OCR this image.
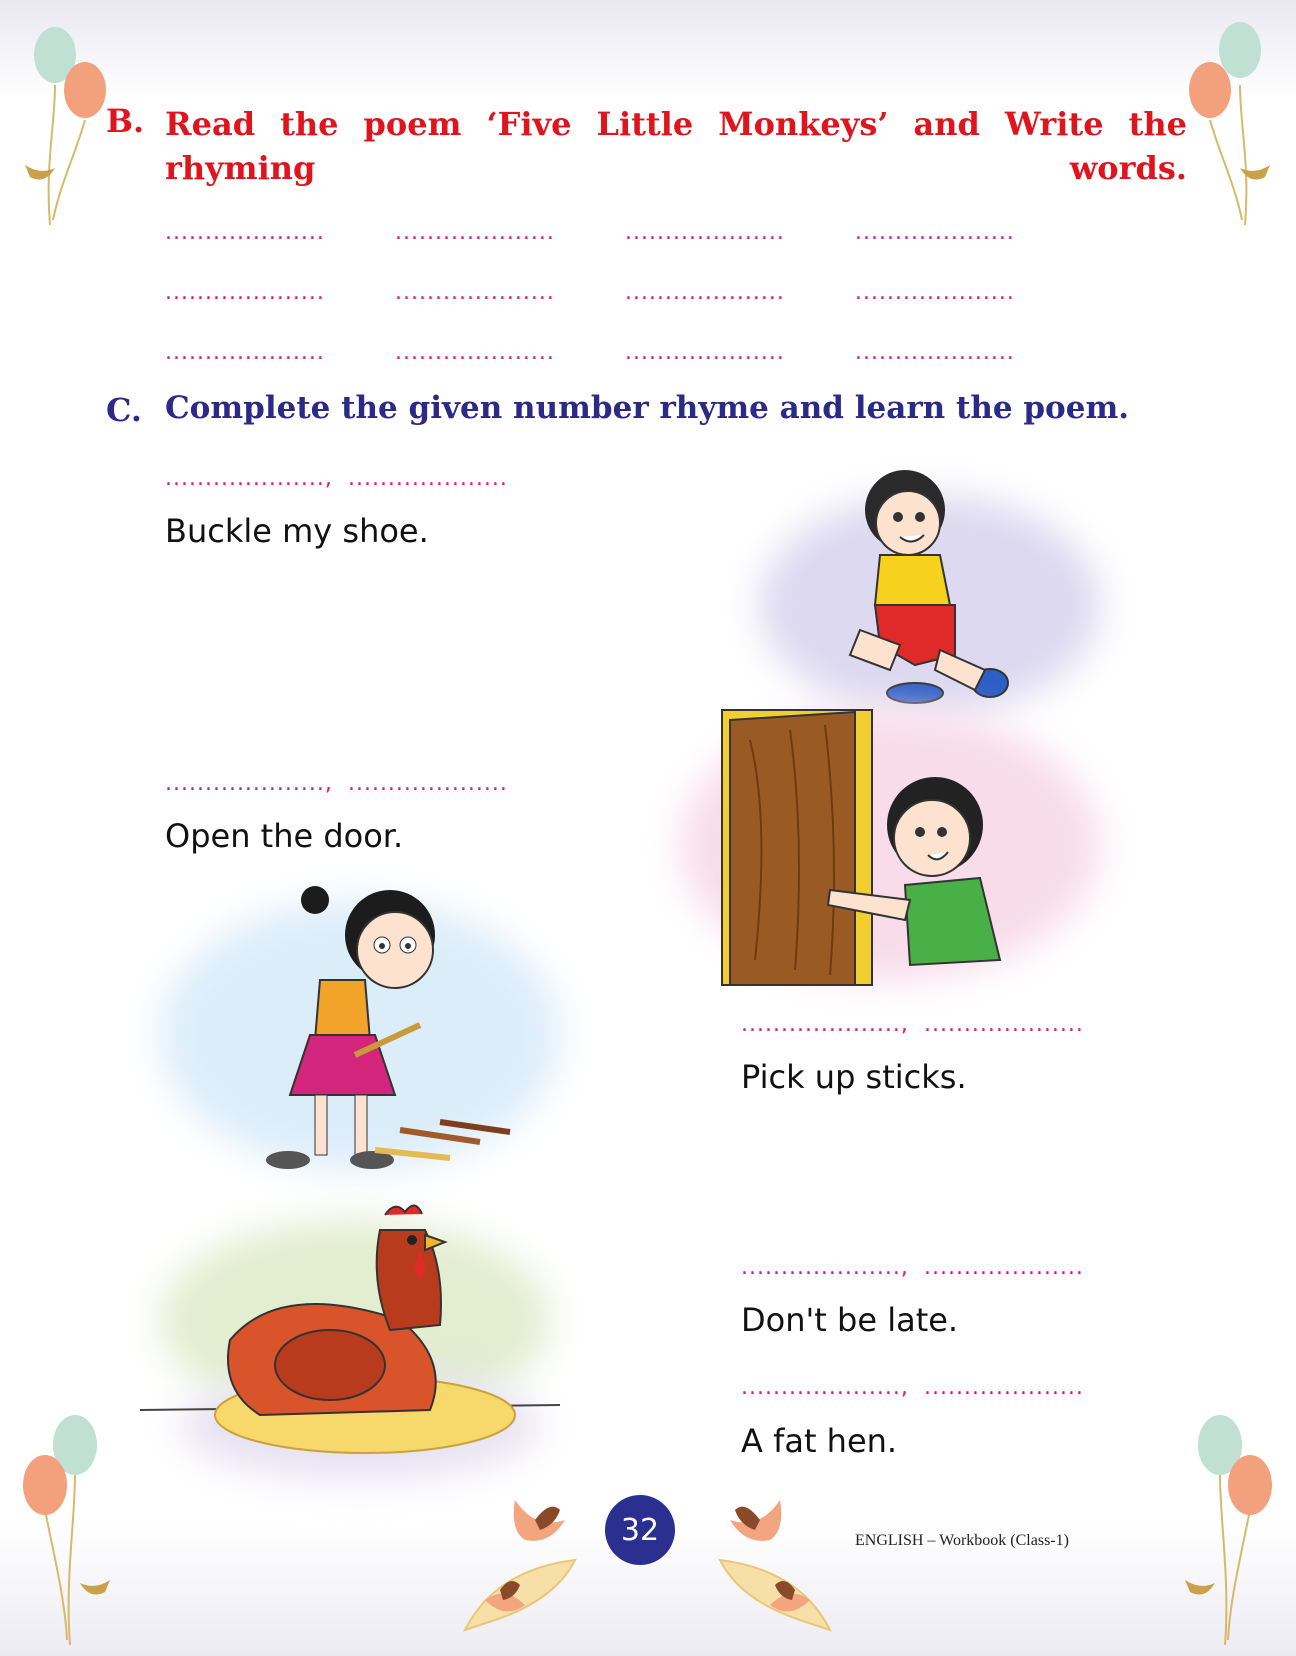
B. Read the poem ‘Five Little Monkeys’ and Write the rhyming words.
....................	....................	....................	....................
....................	....................	....................	....................
....................	....................	....................	....................
C. Complete the given number rhyme and learn the poem.
...................., ....................
Buckle my shoe.
...................., ....................
Open the door.
...................., ....................
Pick up sticks.
...................., ....................
Don't be late.
...................., ....................
A fat hen.
32	ENGLISH – Workbook (Class-1)
